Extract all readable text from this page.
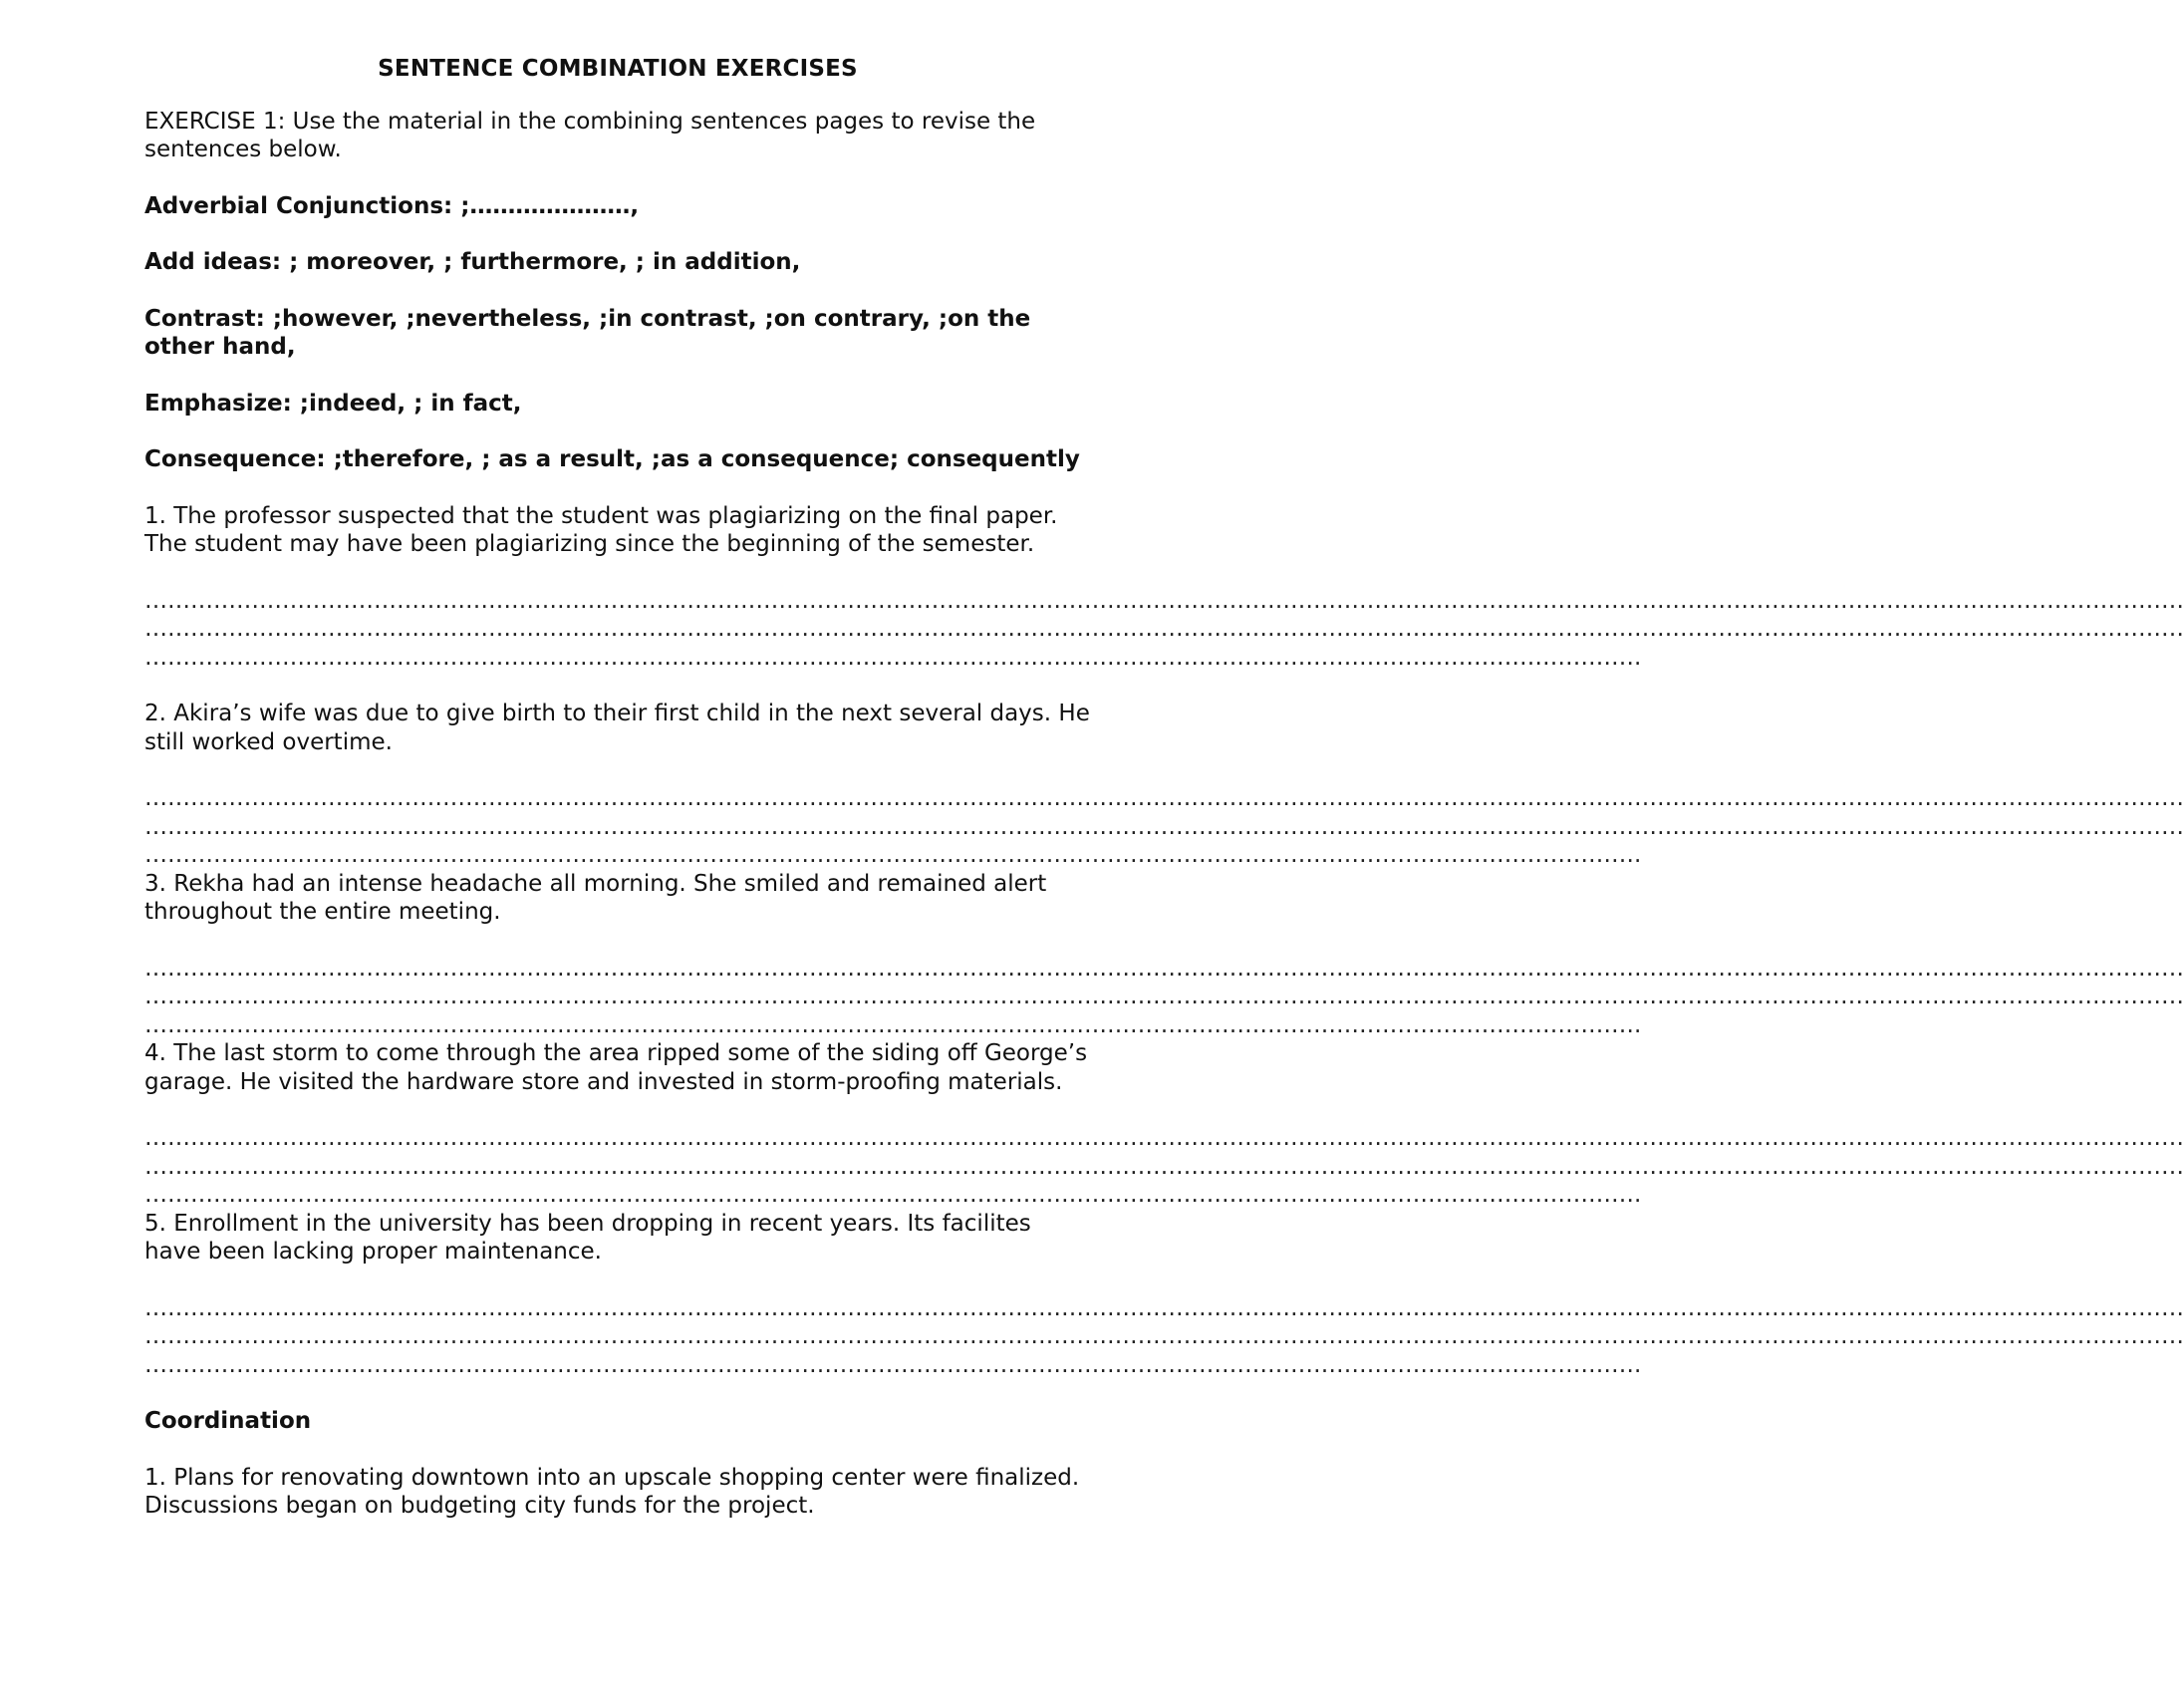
SENTENCE COMBINATION EXERCISES

EXERCISE 1: Use the material in the combining sentences pages to revise the sentences below.

Adverbial Conjunctions: ;…………………,

Add ideas: ; moreover, ; furthermore, ; in addition,

Contrast: ;however, ;nevertheless, ;in contrast, ;on contrary, ;on the other hand,

Emphasize: ;indeed, ; in fact,

Consequence: ;therefore, ; as a result, ;as a consequence; consequently

1. The professor suspected that the student was plagiarizing on the final paper. The student may have been plagiarizing since the beginning of the semester.

……………………………………………………………………………………………………………………………………………………………………………………………………………………………………………
……………………………………………………………………………………………………………………………………………………………………………………………………………………………………………
…………………………………………………………………………………………………………………………………………………………………………….

2. Akira’s wife was due to give birth to their first child in the next several days. He still worked overtime.

……………………………………………………………………………………………………………………………………………………………………………………………………………………………………………
……………………………………………………………………………………………………………………………………………………………………………………………………………………………………………
…………………………………………………………………………………………………………………………………………………………………………….

3. Rekha had an intense headache all morning. She smiled and remained alert throughout the entire meeting.

……………………………………………………………………………………………………………………………………………………………………………………………………………………………………………
……………………………………………………………………………………………………………………………………………………………………………………………………………………………………………
…………………………………………………………………………………………………………………………………………………………………………….

4. The last storm to come through the area ripped some of the siding off George’s garage. He visited the hardware store and invested in storm-proofing materials.

……………………………………………………………………………………………………………………………………………………………………………………………………………………………………………
……………………………………………………………………………………………………………………………………………………………………………………………………………………………………………
…………………………………………………………………………………………………………………………………………………………………………….

5. Enrollment in the university has been dropping in recent years. Its facilites have been lacking proper maintenance.

……………………………………………………………………………………………………………………………………………………………………………………………………………………………………………
……………………………………………………………………………………………………………………………………………………………………………………………………………………………………………
…………………………………………………………………………………………………………………………………………………………………………….

Coordination

1. Plans for renovating downtown into an upscale shopping center were finalized. Discussions began on budgeting city funds for the project.
